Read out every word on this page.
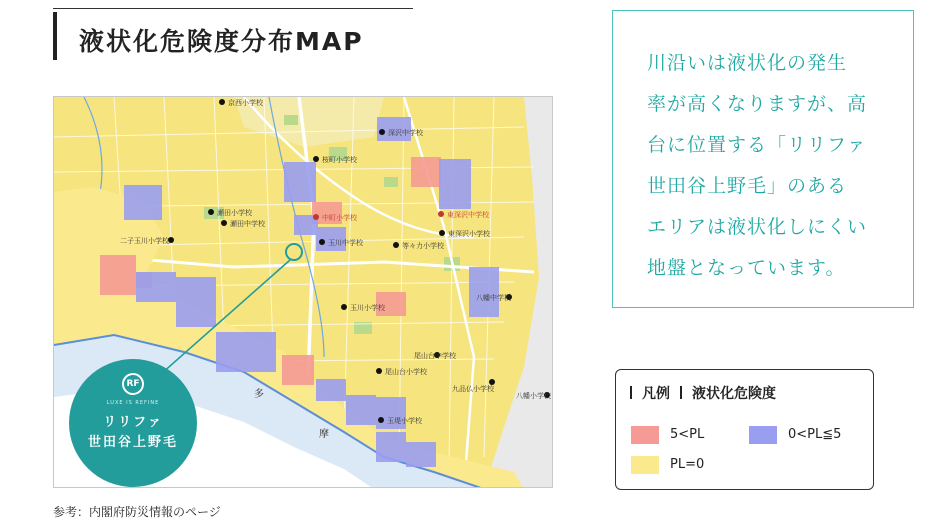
液状化危険度分布MAP
多
摩
京西小学校
深沢中学校
桜町小学校
瀬田小学校
瀬田中学校
東深沢中学校
東深沢小学校
中町小学校
玉川中学校
二子玉川小学校
等々力小学校
八幡中学校
玉川小学校
尾山台中学校
尾山台小学校
九品仏小学校
八幡小学校
玉堤小学校
RF
LUXE IS REFINE
リリファ
世田谷上野毛
参考：内閣府防災情報のページ
川沿いは液状化の発生
率が高くなりますが、高
台に位置する「リリファ
世田谷上野毛」のある
エリアは液状化しにくい
地盤となっています。
凡例 液状化危険度
5<PL	0<PL≦5
PL=0
